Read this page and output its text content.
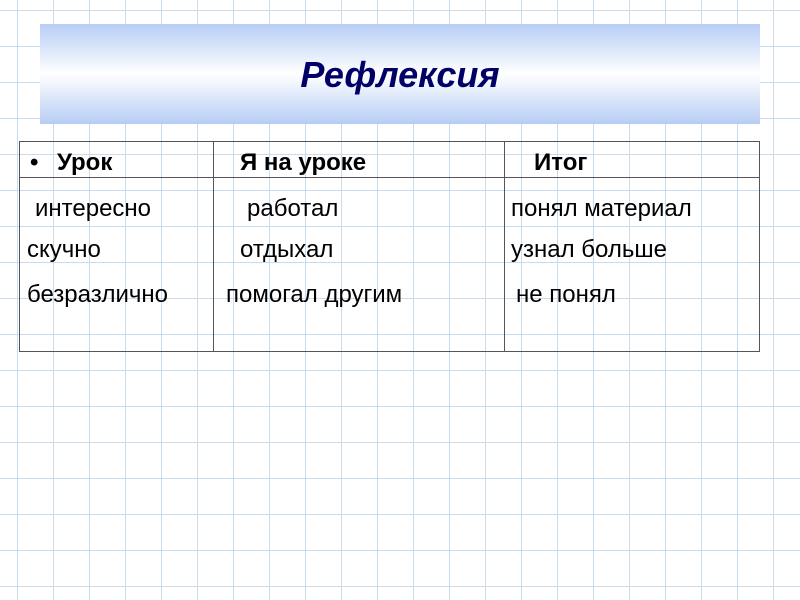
Рефлексия
• Урок	Я на уроке	Итог
интересно
скучно
безразлично
работал
отдыхал
помогал другим
понял материал
узнал больше
не понял
